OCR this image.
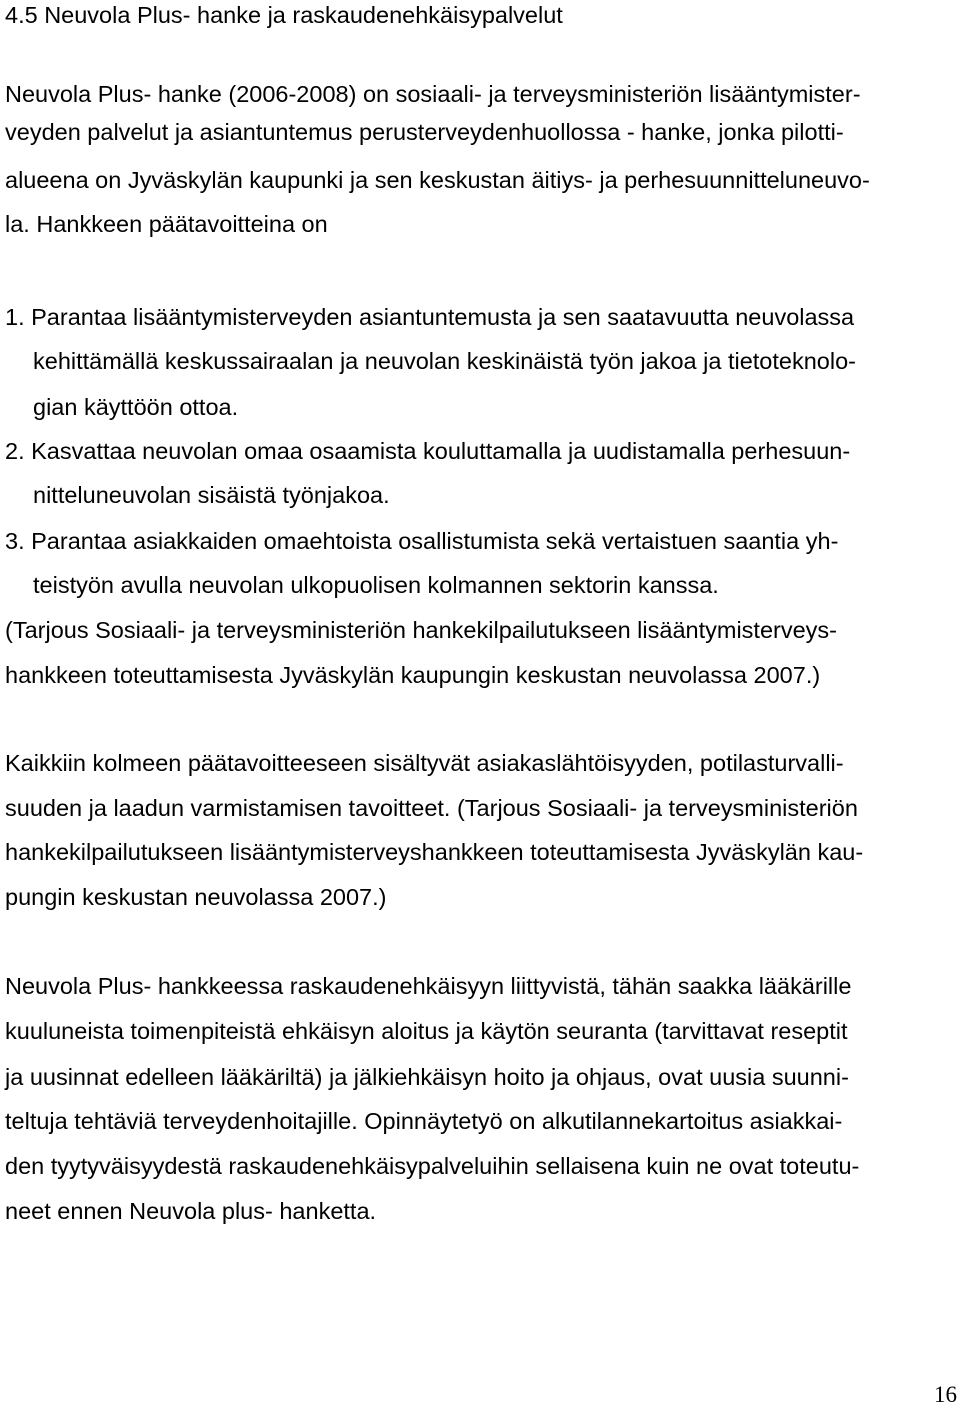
4.5 Neuvola Plus- hanke ja raskaudenehkäisypalvelut
Neuvola Plus- hanke (2006-2008) on sosiaali- ja terveysministeriön lisääntymister-
veyden palvelut ja asiantuntemus perusterveydenhuollossa - hanke, jonka pilotti-
alueena on Jyväskylän kaupunki ja sen keskustan äitiys- ja perhesuunnitteluneuvo-
la. Hankkeen päätavoitteina on
1. Parantaa lisääntymisterveyden asiantuntemusta ja sen saatavuutta neuvolassa
kehittämällä keskussairaalan ja neuvolan keskinäistä työn jakoa ja tietoteknolo-
gian käyttöön ottoa.
2. Kasvattaa neuvolan omaa osaamista kouluttamalla ja uudistamalla perhesuun-
nitteluneuvolan sisäistä työnjakoa.
3. Parantaa asiakkaiden omaehtoista osallistumista sekä vertaistuen saantia yh-
teistyön avulla neuvolan ulkopuolisen kolmannen sektorin kanssa.
(Tarjous Sosiaali- ja terveysministeriön hankekilpailutukseen lisääntymisterveys-
hankkeen toteuttamisesta Jyväskylän kaupungin keskustan neuvolassa 2007.)
Kaikkiin kolmeen päätavoitteeseen sisältyvät asiakaslähtöisyyden, potilasturvalli-
suuden ja laadun varmistamisen tavoitteet. (Tarjous Sosiaali- ja terveysministeriön
hankekilpailutukseen lisääntymisterveyshankkeen toteuttamisesta Jyväskylän kau-
pungin keskustan neuvolassa 2007.)
Neuvola Plus- hankkeessa raskaudenehkäisyyn liittyvistä, tähän saakka lääkärille
kuuluneista toimenpiteistä ehkäisyn aloitus ja käytön seuranta (tarvittavat reseptit
ja uusinnat edelleen lääkäriltä) ja jälkiehkäisyn hoito ja ohjaus, ovat uusia suunni-
teltuja tehtäviä terveydenhoitajille. Opinnäytetyö on alkutilannekartoitus asiakkai-
den tyytyväisyydestä raskaudenehkäisypalveluihin sellaisena kuin ne ovat toteutu-
neet ennen Neuvola plus- hanketta.
16
